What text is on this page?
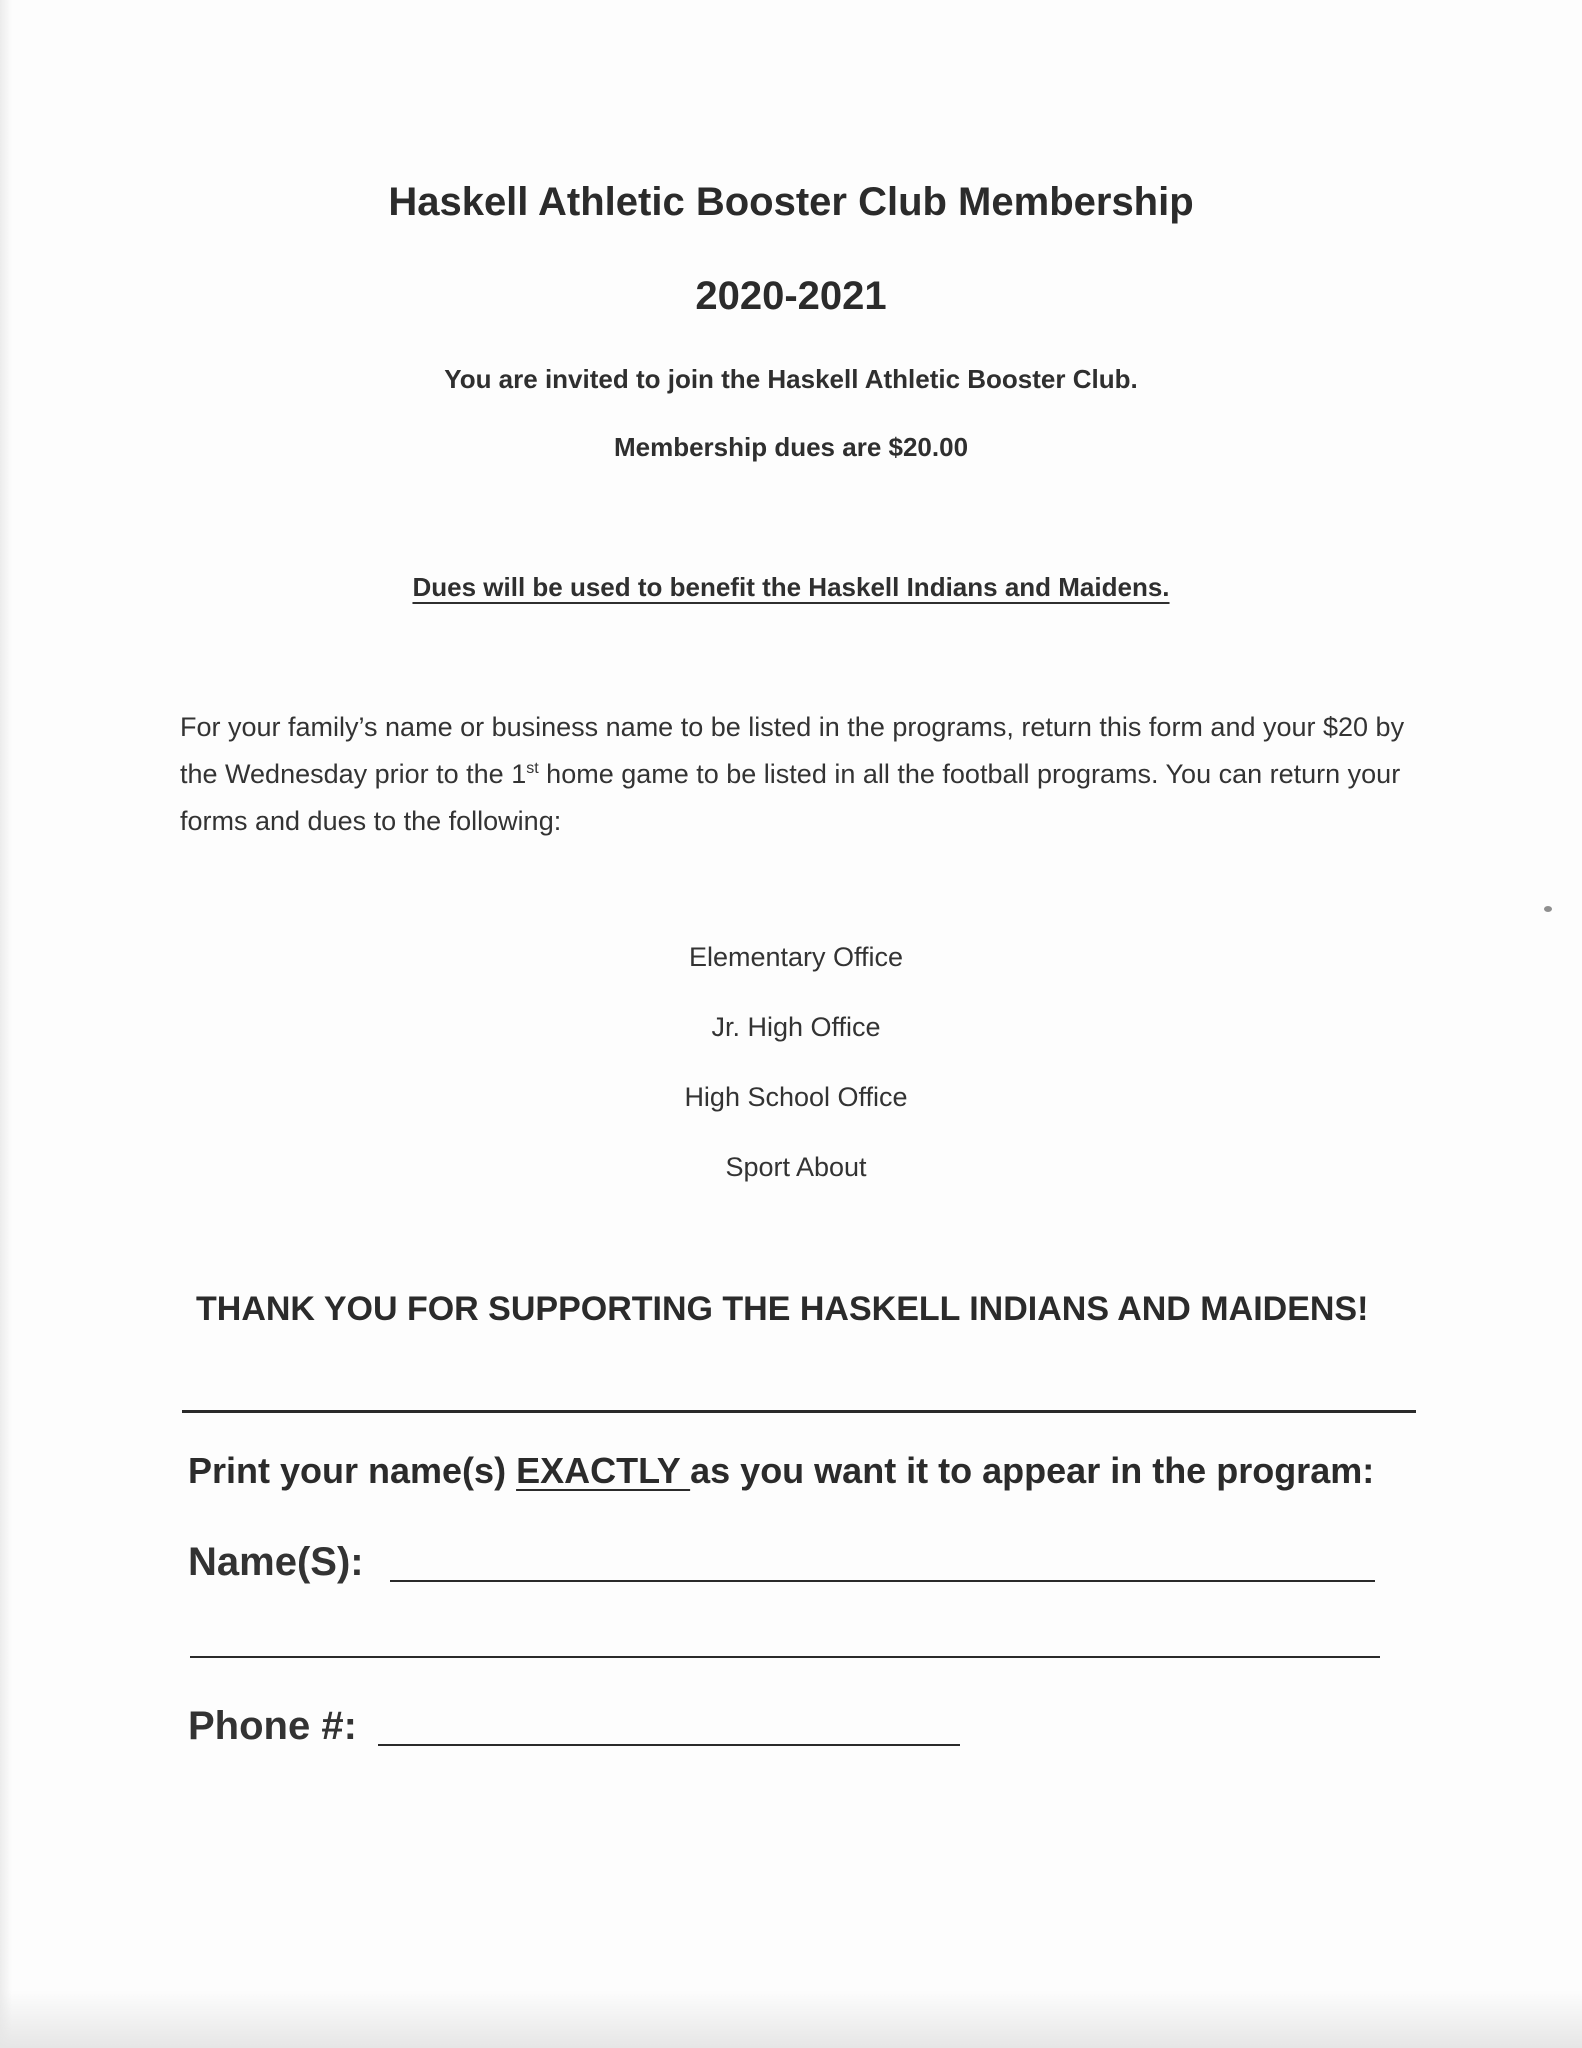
Haskell Athletic Booster Club Membership
2020-2021
You are invited to join the Haskell Athletic Booster Club.
Membership dues are $20.00
Dues will be used to benefit the Haskell Indians and Maidens.
For your family’s name or business name to be listed in the programs, return this form and your $20 by the Wednesday prior to the 1st home game to be listed in all the football programs. You can return your forms and dues to the following:
Elementary Office
Jr. High Office
High School Office
Sport About
THANK YOU FOR SUPPORTING THE HASKELL INDIANS AND MAIDENS!
Print your name(s) EXACTLY as you want it to appear in the program:
Name(S):
Phone #:
